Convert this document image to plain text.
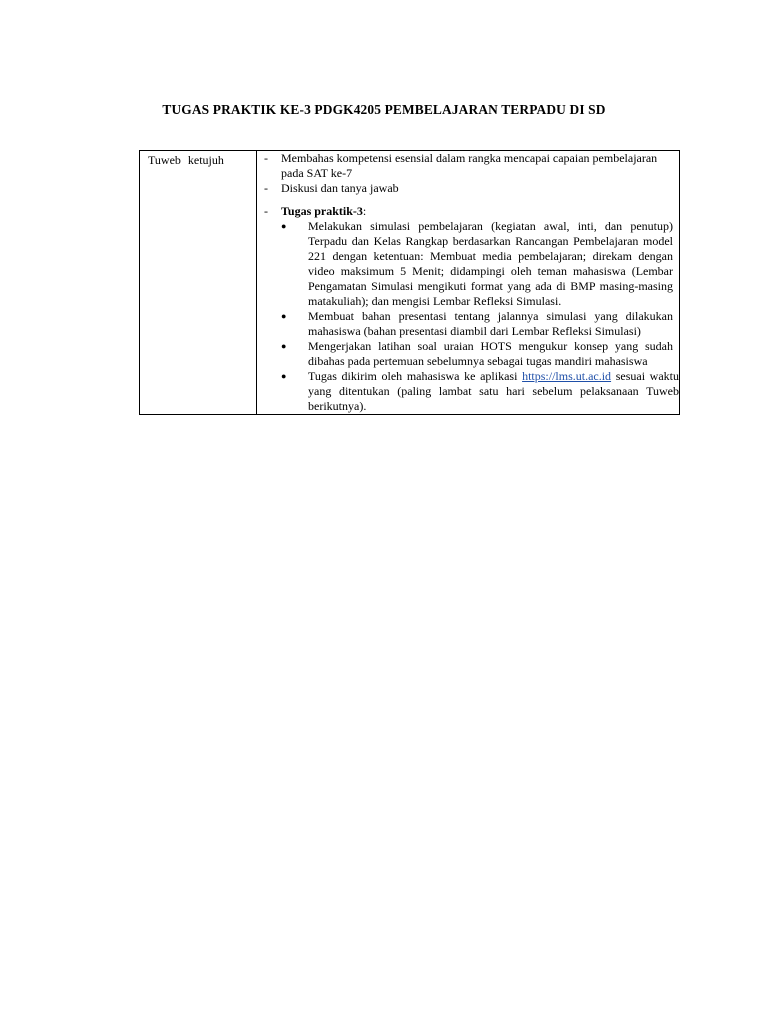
TUGAS PRAKTIK KE-3 PDGK4205 PEMBELAJARAN TERPADU DI SD
Tuweb ketujuh	-	Membahas kompetensi esensial dalam rangka mencapai capaian pembelajaran pada SAT ke-7
-	Diskusi dan tanya jawab
-	Tugas praktik-3:
●	Melakukan simulasi pembelajaran (kegiatan awal, inti, dan penutup) Terpadu dan Kelas Rangkap berdasarkan Rancangan Pembelajaran model 221 dengan ketentuan: Membuat media pembelajaran; direkam dengan video maksimum 5 Menit; didampingi oleh teman mahasiswa (Lembar Pengamatan Simulasi mengikuti format yang ada di BMP masing-masing matakuliah); dan mengisi Lembar Refleksi Simulasi.
●	Membuat bahan presentasi tentang jalannya simulasi yang dilakukan mahasiswa (bahan presentasi diambil dari Lembar Refleksi Simulasi)
●	Mengerjakan latihan soal uraian HOTS mengukur konsep yang sudah dibahas pada pertemuan sebelumnya sebagai tugas mandiri mahasiswa
●	Tugas dikirim oleh mahasiswa ke aplikasi https://lms.ut.ac.id sesuai waktu yang ditentukan (paling lambat satu hari sebelum pelaksanaan Tuweb berikutnya).
